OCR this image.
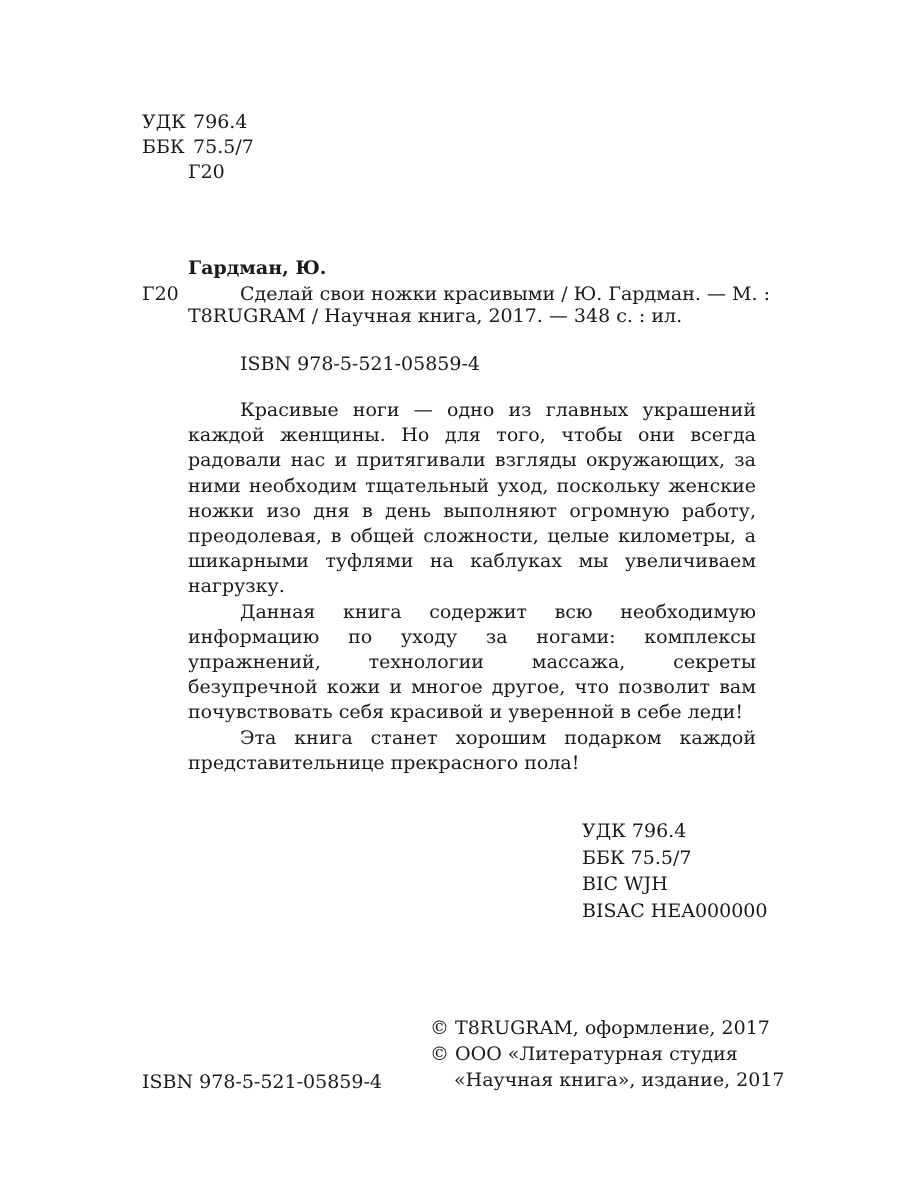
УДК 796.4
ББК 75.5/7
Г20
Гардман, Ю.
Г20	Сделай свои ножки красивыми / Ю. Гардман. — М. :
T8RUGRAM / Научная книга, 2017. — 348 с. : ил.
ISBN 978-5-521-05859-4

Красивые ноги — одно из главных украшений каждой женщины. Но для того, чтобы они всегда радовали нас и притягивали взгляды окружающих, за ними необходим тщательный уход, поскольку женские ножки изо дня в день выполняют огромную работу, преодолевая, в общей сложности, целые километры, а шикарными туфлями на каблуках мы увеличиваем нагрузку.

Данная книга содержит всю необходимую информацию по уходу за ногами: комплексы упражнений, технологии массажа, секреты безупречной кожи и многое другое, что позволит вам почувствовать себя красивой и уверенной в себе леди!

Эта книга станет хорошим подарком каждой представительнице прекрасного пола!

УДК 796.4
ББК 75.5/7
BIC WJH
BISAC HEA000000
© T8RUGRAM, оформление, 2017
© ООО «Литературная студия
«Научная книга», издание, 2017
ISBN 978-5-521-05859-4
